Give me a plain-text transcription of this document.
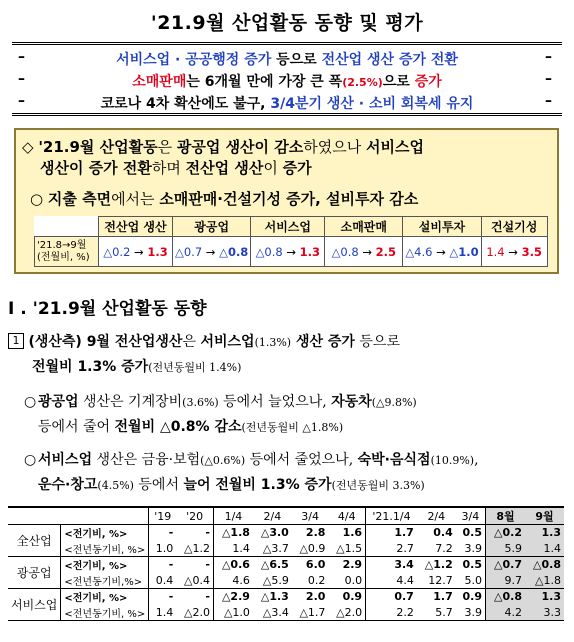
'21.9월 산업활동 동향 및 평가
–	서비스업 · 공공행정 증가 등으로 전산업 생산 증가 전환	–
–	소매판매는 6개월 만에 가장 큰 폭(2.5%)으로 증가	–
–	코로나 4차 확산에도 불구, 3/4분기 생산 · 소비 회복세 유지	–
◇ '21.9월 산업활동은 광공업 생산이 감소하였으나 서비스업
생산이 증가 전환하며 전산업 생산이 증가
○ 지출 측면에서는 소매판매·건설기성 증가, 설비투자 감소
	전산업 생산	광공업	서비스업	소매판매	설비투자	건설기성
'21.8→9월
(전월비, %)	△0.2 → 1.3	△0.7 → △0.8	△0.8 → 1.3	△0.8 → 2.5	△4.6 → △1.0	1.4 → 3.5
I . '21.9월 산업활동 동향
1 (생산측) 9월 전산업생산은 서비스업(1.3%) 생산 증가 등으로
전월비 1.3% 증가(전년동월비 1.4%)
○ 광공업 생산은 기계장비(3.6%) 등에서 늘었으나, 자동차(△9.8%)
등에서 줄어 전월비 △0.8% 감소(전년동월비 △1.8%)
○ 서비스업 생산은 금융·보험(△0.6%) 등에서 줄었으나, 숙박·음식점(10.9%),
운수·창고(4.5%) 등에서 늘어 전월비 1.3% 증가(전년동월비 3.3%)
		'19	'20	1/4	2/4	3/4	4/4	'21.1/4	2/4	3/4	8월	9월
全산업	<전기비, %>	-	-	△1.8	△3.0	2.8	1.6	1.7	0.4	0.5	△0.2	1.3
	<전년동기비, %>	1.0	△1.2	1.4	△3.7	△0.9	△1.5	2.7	7.2	3.9	5.9	1.4
광공업	<전기비, %>	-	-	△0.6	△6.5	6.0	2.9	3.4	△1.2	0.5	△0.7	△0.8
	<전년동기비,%>	0.4	△0.4	4.6	△5.9	0.2	0.0	4.4	12.7	5.0	9.7	△1.8
서비스업	<전기비, %>	-	-	△2.9	△1.3	2.0	0.9	0.7	1.7	0.9	△0.8	1.3
	<전년동기비, %>	1.4	△2.0	△1.0	△3.4	△1.7	△2.0	2.2	5.7	3.9	4.2	3.3
